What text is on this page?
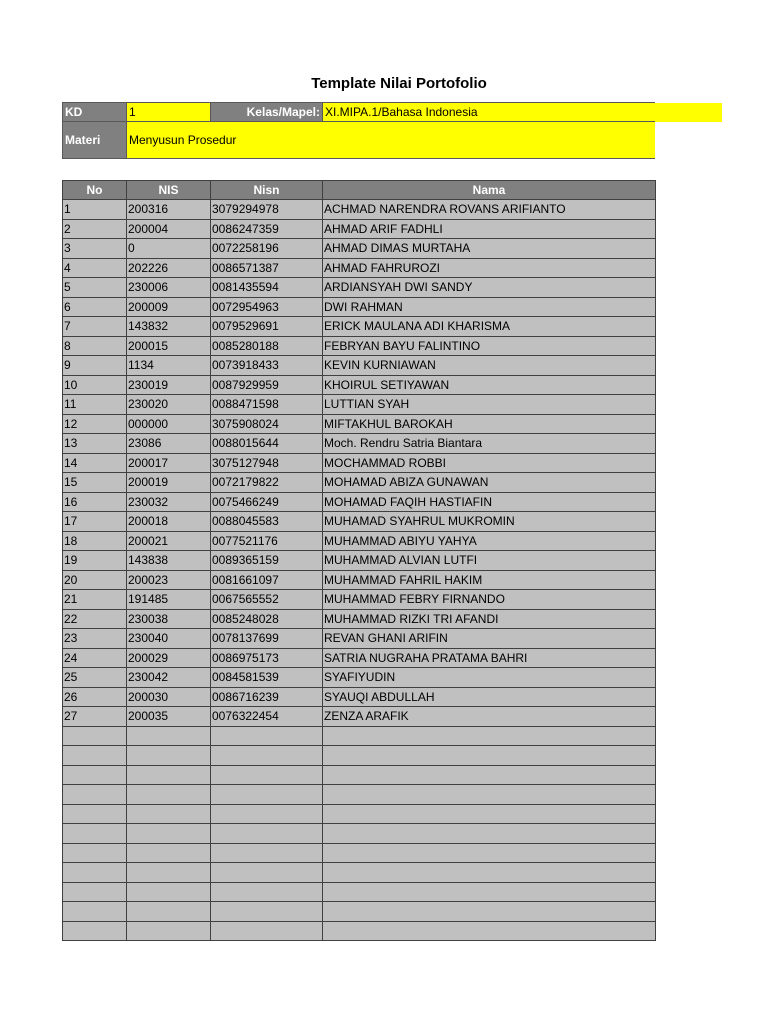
Template Nilai Portofolio
KD	1	Kelas/Mapel:	XI.MIPA.1/Bahasa Indonesia	
Materi	Menyusun Prosedur			
No	NIS	Nisn	Nama
1	200316	3079294978	ACHMAD NARENDRA ROVANS ARIFIANTO
2	200004	0086247359	AHMAD ARIF FADHLI
3	0	0072258196	AHMAD DIMAS MURTAHA
4	202226	0086571387	AHMAD FAHRUROZI
5	230006	0081435594	ARDIANSYAH DWI SANDY
6	200009	0072954963	DWI RAHMAN
7	143832	0079529691	ERICK MAULANA ADI KHARISMA
8	200015	0085280188	FEBRYAN BAYU FALINTINO
9	1134	0073918433	KEVIN KURNIAWAN
10	230019	0087929959	KHOIRUL SETIYAWAN
11	230020	0088471598	LUTTIAN SYAH
12	000000	3075908024	MIFTAKHUL BAROKAH
13	23086	0088015644	Moch. Rendru Satria Biantara
14	200017	3075127948	MOCHAMMAD ROBBI
15	200019	0072179822	MOHAMAD ABIZA GUNAWAN
16	230032	0075466249	MOHAMAD FAQIH HASTIAFIN
17	200018	0088045583	MUHAMAD SYAHRUL MUKROMIN
18	200021	0077521176	MUHAMMAD ABIYU YAHYA
19	143838	0089365159	MUHAMMAD ALVIAN LUTFI
20	200023	0081661097	MUHAMMAD FAHRIL HAKIM
21	191485	0067565552	MUHAMMAD FEBRY FIRNANDO
22	230038	0085248028	MUHAMMAD RIZKI TRI AFANDI
23	230040	0078137699	REVAN GHANI ARIFIN
24	200029	0086975173	SATRIA NUGRAHA PRATAMA BAHRI
25	230042	0084581539	SYAFIYUDIN
26	200030	0086716239	SYAUQI ABDULLAH
27	200035	0076322454	ZENZA ARAFIK
